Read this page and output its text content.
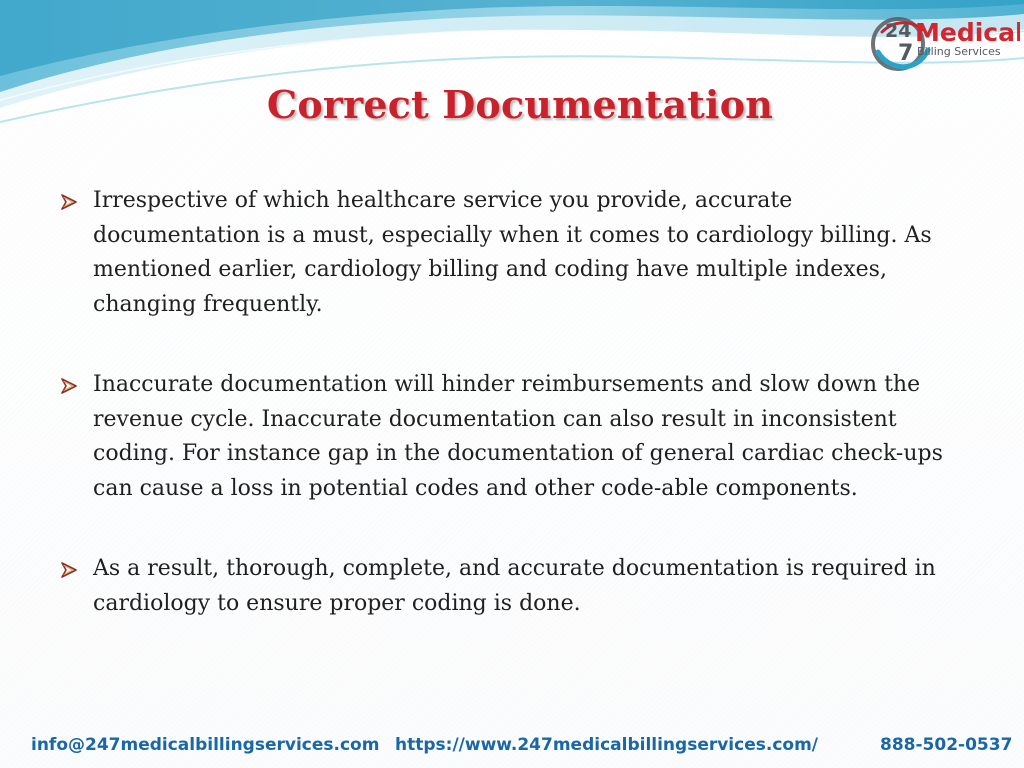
24
7
Medical
Billing Services
Correct Documentation
Irrespective of which healthcare service you provide, accurate documentation is a must, especially when it comes to cardiology billing. As mentioned earlier, cardiology billing and coding have multiple indexes, changing frequently.
Inaccurate documentation will hinder reimbursements and slow down the revenue cycle. Inaccurate documentation can also result in inconsistent coding. For instance gap in the documentation of general cardiac check-ups can cause a loss in potential codes and other code-able components.
As a result, thorough, complete, and accurate documentation is required in cardiology to ensure proper coding is done.
info@247medicalbillingservices.com https://www.247medicalbillingservices.com/	888-502-0537
